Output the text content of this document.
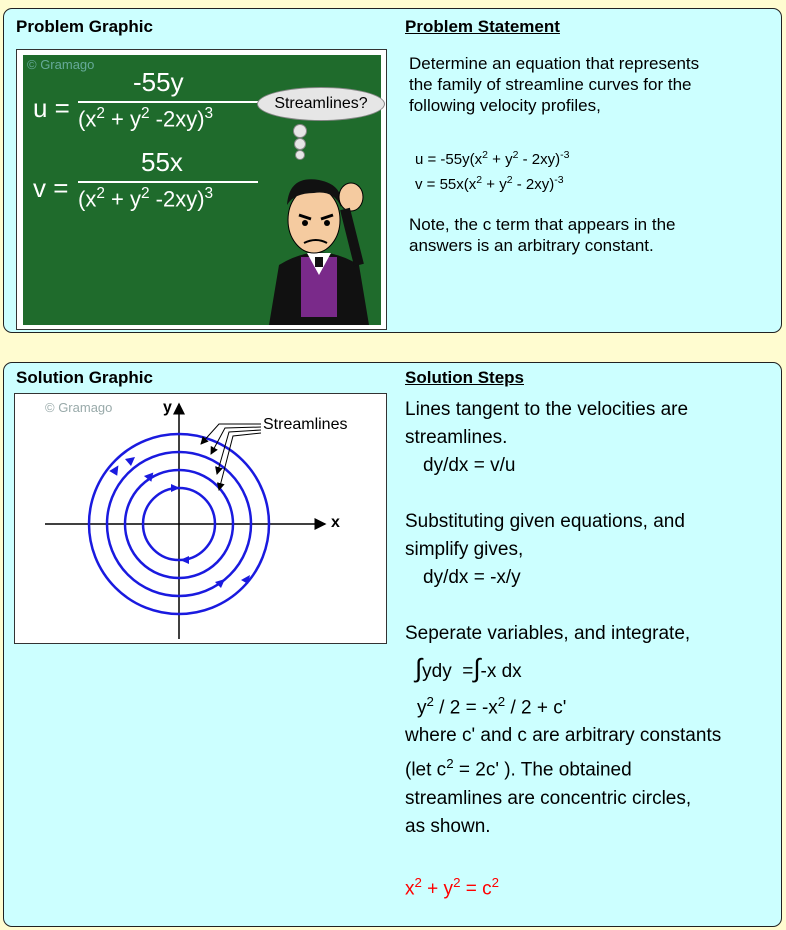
Problem Graphic	Problem Statement
© Gramago
u =
-55y
($x^2 + y^2$ -2xy)$^3$
v =
55x
($x^2 + y^2$ -2xy)$^3$
Streamlines?
Determine an equation that represents
the family of streamline curves for the
following velocity profiles,
$u = -55y(x^2 + y^2 - 2xy)^{-3}$
$v = 55x(x^2 + y^2 - 2xy)^{-3}$
Note, the c term that appears in the
answers is an arbitrary constant.
Solution Graphic	Solution Steps
© Gramago
Streamlines
y
x
Lines tangent to the velocities are
streamlines.
dy/dx = v/u

Substituting given equations, and
simplify gives,
dy/dx = -x/y

Seperate variables, and integrate,
∫ydy =∫-x dx
$y^2 / 2 = -x^2 / 2 + c'$
where c' and c are arbitrary constants
(let $c^2 = 2c'$ ). The obtained
streamlines are concentric circles,
as shown.

$x^2 + y^2 = c^2$
